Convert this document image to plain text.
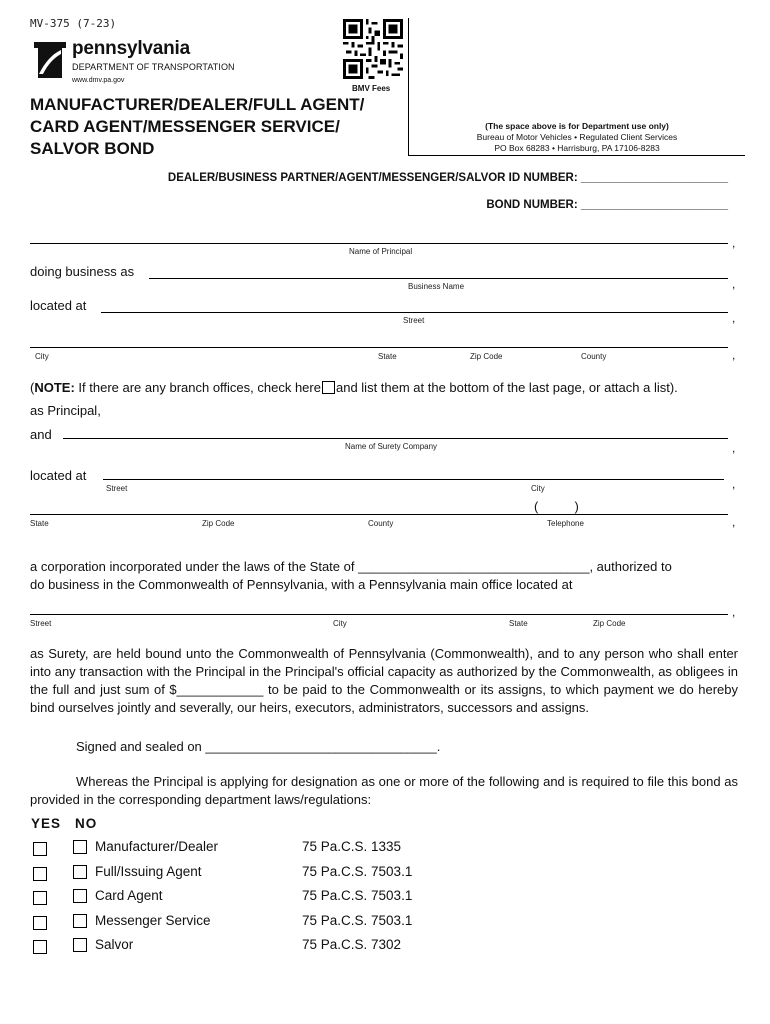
MV-375 (7-23)
pennsylvania
DEPARTMENT OF TRANSPORTATION
www.dmv.pa.gov
BMV Fees
MANUFACTURER/DEALER/FULL AGENT/
CARD AGENT/MESSENGER SERVICE/
SALVOR BOND
(The space above is for Department use only)
Bureau of Motor Vehicles • Regulated Client Services
PO Box 68283 • Harrisburg, PA 17106-8283
DEALER/BUSINESS PARTNER/AGENT/MESSENGER/SALVOR ID NUMBER: _______________________
BOND NUMBER: _______________________
,
Name of Principal
doing business as
,
Business Name
located at
,
Street
,
City	State	Zip Code	County
(NOTE: If there are any branch offices, check here and list them at the bottom of the last page, or attach a list).
as Principal,
and
,
Name of Surety Company
located at
,
Street	City
(          )
,
State	Zip Code	County	Telephone
a corporation incorporated under the laws of the State of ________________________________, authorized to
do business in the Commonwealth of Pennsylvania, with a Pennsylvania main office located at
,
Street	City	State	Zip Code
as Surety, are held bound unto the Commonwealth of Pennsylvania (Commonwealth), and to any person who shall enter into any transaction with the Principal in the Principal's official capacity as authorized by the Commonwealth, as obligees in the full and just sum of $____________ to be paid to the Commonwealth or its assigns, to which payment we do hereby bind ourselves jointly and severally, our heirs, executors, administrators, successors and assigns.
Signed and sealed on ________________________________.
Whereas the Principal is applying for designation as one or more of the following and is required to file this bond as provided in the corresponding department laws/regulations:
YES NO
Manufacturer/Dealer	75 Pa.C.S. 1335
Full/Issuing Agent	75 Pa.C.S. 7503.1
Card Agent	75 Pa.C.S. 7503.1
Messenger Service	75 Pa.C.S. 7503.1
Salvor	75 Pa.C.S. 7302
